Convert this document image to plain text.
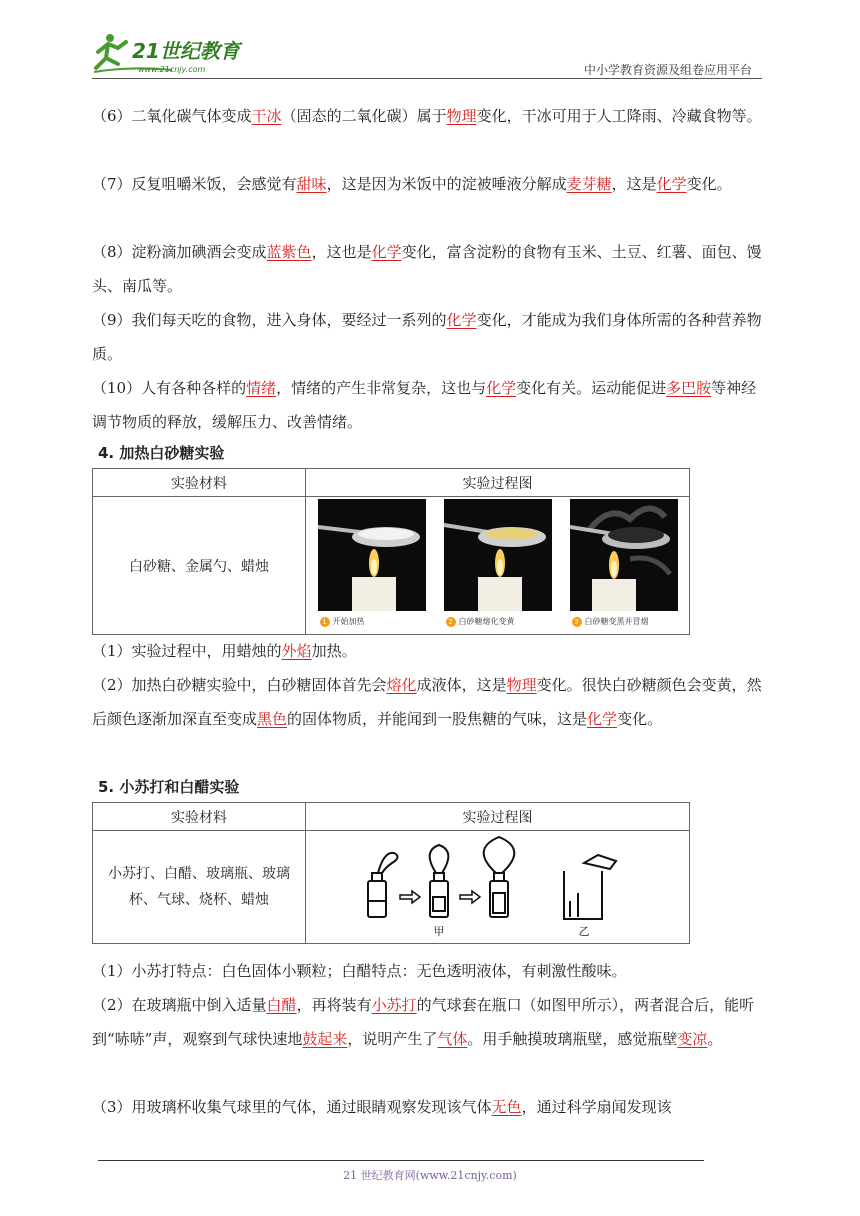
21世纪教育
www.21cnjy.com	中小学教育资源及组卷应用平台
（6）二氧化碳气体变成干冰（固态的二氧化碳）属于物理变化，干冰可用于人工降雨、冷藏食物等。
（7）反复咀嚼米饭，会感觉有甜味，这是因为米饭中的淀被唾液分解成麦芽糖，这是化学变化。
（8）淀粉滴加碘酒会变成蓝紫色，这也是化学变化，富含淀粉的食物有玉米、土豆、红薯、面包、馒头、南瓜等。
（9）我们每天吃的食物，进入身体，要经过一系列的化学变化，才能成为我们身体所需的各种营养物质。
（10）人有各种各样的情绪，情绪的产生非常复杂，这也与化学变化有关。运动能促进多巴胺等神经调节物质的释放，缓解压力、改善情绪。
4. 加热白砂糖实验
实验材料	实验过程图
白砂糖、金属勺、蜡烛	1 开始加热 2 白砂糖熔化变黄 3 白砂糖变黑并冒烟
（1）实验过程中，用蜡烛的外焰加热。
（2）加热白砂糖实验中，白砂糖固体首先会熔化成液体，这是物理变化。很快白砂糖颜色会变黄，然后颜色逐渐加深直至变成黑色的固体物质，并能闻到一股焦糖的气味，这是化学变化。
5. 小苏打和白醋实验
实验材料	实验过程图
小苏打、白醋、玻璃瓶、玻璃杯、气球、烧杯、蜡烛	甲 乙
（1）小苏打特点：白色固体小颗粒；白醋特点：无色透明液体，有刺激性酸味。
（2）在玻璃瓶中倒入适量白醋，再将装有小苏打的气球套在瓶口（如图甲所示），两者混合后，能听到“哧哧”声，观察到气球快速地鼓起来，说明产生了气体。用手触摸玻璃瓶壁，感觉瓶壁变凉。
（3）用玻璃杯收集气球里的气体，通过眼睛观察发现该气体无色，通过科学扇闻发现该
21 世纪教育网(www.21cnjy.com)
